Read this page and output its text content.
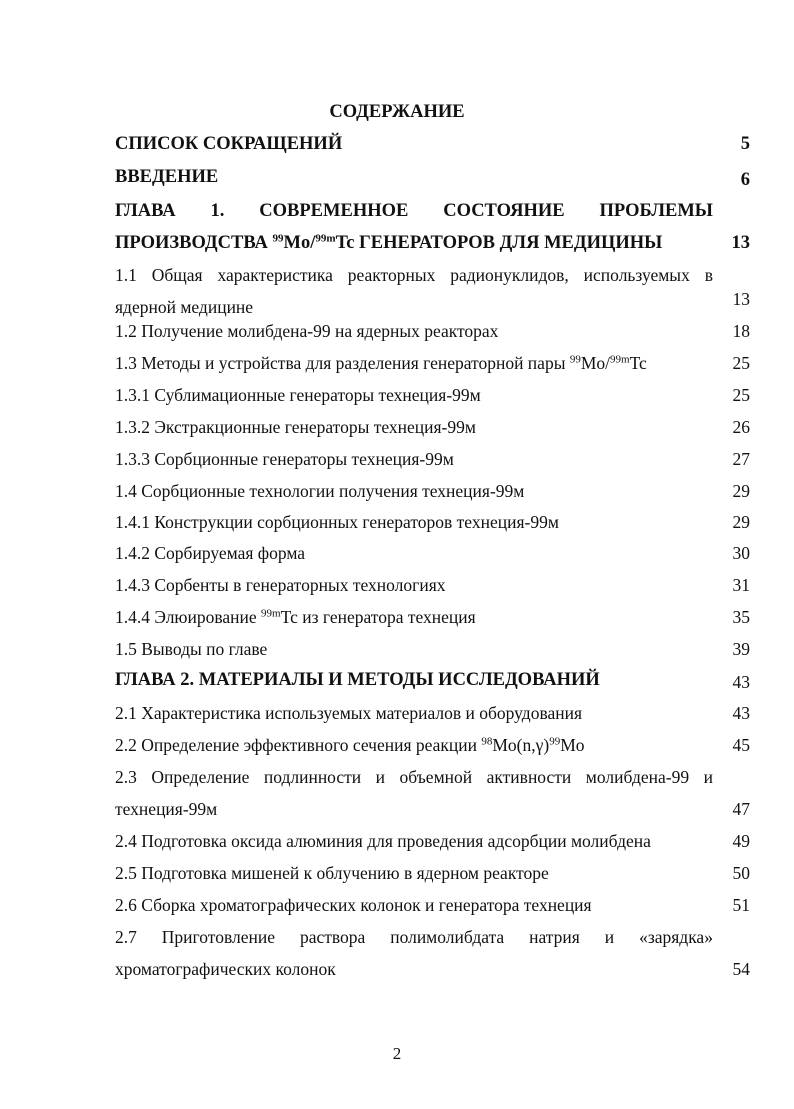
СОДЕРЖАНИЕ
СПИСОК СОКРАЩЕНИЙ	5
ВВЕДЕНИЕ	6
ГЛАВА 1. СОВРЕМЕННОЕ СОСТОЯНИЕ ПРОБЛЕМЫ
ПРОИЗВОДСТВА $^{99}$Mo/$^{99m}$Tc ГЕНЕРАТОРОВ ДЛЯ МЕДИЦИНЫ	13
1.1 Общая характеристика реакторных радионуклидов, используемых в
ядерной медицине	13
1.2 Получение молибдена-99 на ядерных реакторах	18
1.3 Методы и устройства для разделения генераторной пары $^{99}$Mo/$^{99m}$Tc	25
1.3.1 Сублимационные генераторы технеция-99м	25
1.3.2 Экстракционные генераторы технеция-99м	26
1.3.3 Сорбционные генераторы технеция-99м	27
1.4 Сорбционные технологии получения технеция-99м	29
1.4.1 Конструкции сорбционных генераторов технеция-99м	29
1.4.2 Сорбируемая форма	30
1.4.3 Сорбенты в генераторных технологиях	31
1.4.4 Элюирование $^{99m}$Tc из генератора технеция	35
1.5 Выводы по главе	39
ГЛАВА 2. МАТЕРИАЛЫ И МЕТОДЫ ИССЛЕДОВАНИЙ	43
2.1 Характеристика используемых материалов и оборудования	43
2.2 Определение эффективного сечения реакции $^{98}Mo(n,\gamma)^{99}Mo$	45
2.3 Определение подлинности и объемной активности молибдена-99 и
технеция-99м	47
2.4 Подготовка оксида алюминия для проведения адсорбции молибдена	49
2.5 Подготовка мишеней к облучению в ядерном реакторе	50
2.6 Сборка хроматографических колонок и генератора технеция	51
2.7 Приготовление раствора полимолибдата натрия и «зарядка»
хроматографических колонок	54
2
